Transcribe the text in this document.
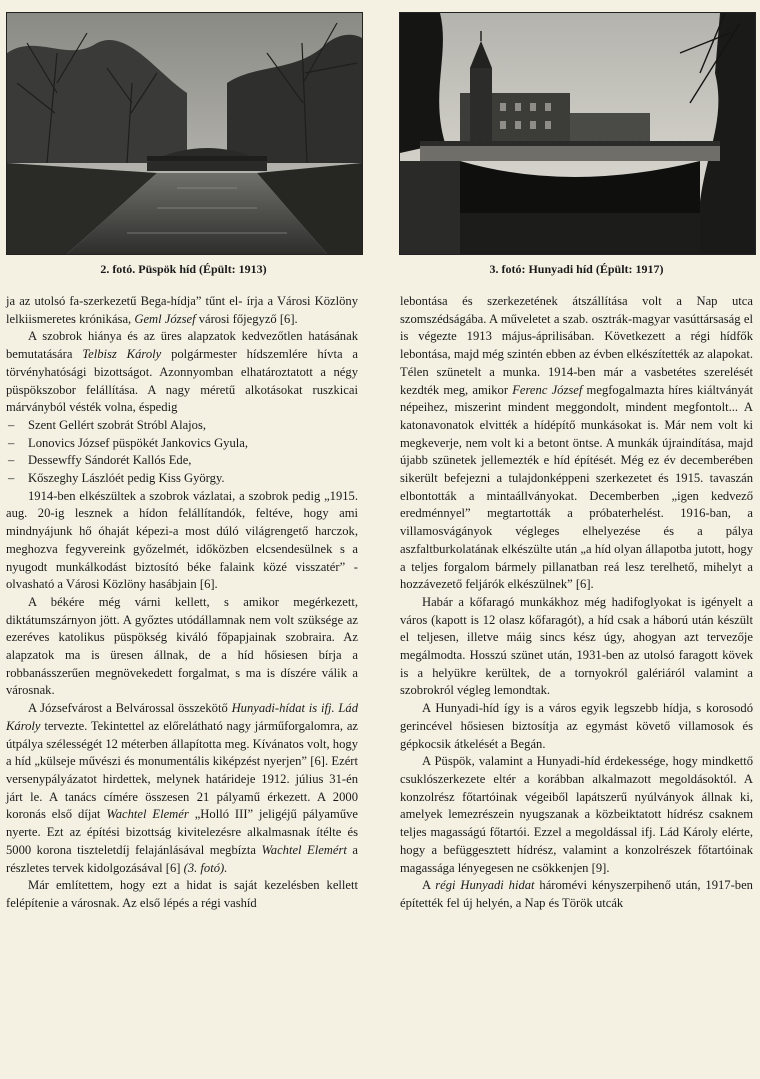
2. fotó. Püspök híd (Épült: 1913)	3. fotó: Hunyadi híd (Épült: 1917)

ja az utolsó fa-szerkezetű Bega-hídja” tűnt el- írja a Városi Közlöny lelkiismeretes krónikása, Geml József városi főjegyző [6].

A szobrok hiánya és az üres alapzatok kedvezőtlen hatásának bemutatására Telbisz Károly polgármester hídszemlére hívta a törvényhatósági bizottságot. Azonnyomban elhatároztatott a négy püspökszobor felállítása. A nagy méretű alkotásokat ruszkicai márványból vésték volna, éspedig

– Szent Gellért szobrát Stróbl Alajos,
– Lonovics József püspökét Jankovics Gyula,
– Dessewffy Sándorét Kallós Ede,
– Kőszeghy Lászlóét pedig Kiss György.

1914-ben elkészültek a szobrok vázlatai, a szobrok pedig „1915. aug. 20-ig lesznek a hídon felállítandók, feltéve, hogy ami mindnyájunk hő óhaját képezi-a most dúló világrengető harczok, meghozva fegyvereink győzelmét, időközben elcsendesülnek s a nyugodt munkálkodást biztosító béke falaink közé visszatér” -olvasható a Városi Közlöny hasábjain [6].

A békére még várni kellett, s amikor megérkezett, diktátumszárnyon jött. A győztes utódállamnak nem volt szüksége az ezeréves katolikus püspökség kiváló főpapjainak szobraira. Az alapzatok ma is üresen állnak, de a híd hősiesen bírja a robbanásszerűen megnövekedett forgalmat, s ma is díszére válik a városnak.

A Józsefvárost a Belvárossal összekötő Hunyadi-hídat is ifj. Lád Károly tervezte. Tekintettel az előrelátható nagy járműforgalomra, az útpálya szélességét 12 méterben állapította meg. Kívánatos volt, hogy a híd „külseje művészi és monumentális kiképzést nyerjen” [6]. Ezért versenypályázatot hirdettek, melynek határideje 1912. július 31-én járt le. A tanács címére összesen 21 pályamű érkezett. A 2000 koronás első díjat Wachtel Elemér „Holló III” jeligéjű pályaműve nyerte. Ezt az építési bizottság kivitelezésre alkalmasnak ítélte és 5000 korona tiszteletdíj felajánlásával megbízta Wachtel Elemért a részletes tervek kidolgozásával [6] (3. fotó).

Már említettem, hogy ezt a hidat is saját kezelésben kellett felépítenie a városnak. Az első lépés a régi vashíd

lebontása és szerkezetének átszállítása volt a Nap utca szomszédságába. A műveletet a szab. osztrák-magyar vasúttársaság el is végezte 1913 május-áprilisában. Következett a régi hídfők lebontása, majd még szintén ebben az évben elkészítették az alapokat. Télen szünetelt a munka. 1914-ben már a vasbetétes szerelését kezdték meg, amikor Ferenc József megfogalmazta híres kiáltványát népeihez, miszerint mindent meggondolt, mindent megfontolt... A katonavonatok elvitték a hídépítő munkásokat is. Már nem volt ki megkeverje, nem volt ki a betont öntse. A munkák újraindítása, majd újabb szünetek jellemezték e híd építését. Még ez év decemberében sikerült befejezni a tulajdonképpeni szerkezetet és 1915. tavaszán elbontották a mintaállványokat. Decemberben „igen kedvező eredménnyel” megtartották a próbaterhelést. 1916-ban, a villamosvágányok végleges elhelyezése és a pálya aszfaltburkolatának elkészülte után „a híd olyan állapotba jutott, hogy a teljes forgalom bármely pillanatban reá lesz terelhető, mihelyt a hozzávezető feljárók elkészülnek” [6].

Habár a kőfaragó munkákhoz még hadifoglyokat is igényelt a város (kapott is 12 olasz kőfaragót), a híd csak a háború után készült el teljesen, illetve máig sincs kész úgy, ahogyan azt tervezője megálmodta. Hosszú szünet után, 1931-ben az utolsó faragott kövek is a helyükre kerültek, de a tornyokról galériáról valamint a szobrokról végleg lemondtak.

A Hunyadi-híd így is a város egyik legszebb hídja, s korosodó gerincével hősiesen biztosítja az egymást követő villamosok és gépkocsik átkelését a Begán.

A Püspök, valamint a Hunyadi-híd érdekessége, hogy mindkettő csuklószerkezete eltér a korábban alkalmazott megoldásoktól. A konzolrész főtartóinak végeiből lapátszerű nyúlványok állnak ki, amelyek lemezrészein nyugszanak a közbeiktatott hídrész csaknem teljes magasságú főtartói. Ezzel a megoldással ifj. Lád Károly elérte, hogy a befüggesztett hídrész, valamint a konzolrészek főtartóinak magassága lényegesen ne csökkenjen [9].

A régi Hunyadi hidat háromévi kényszerpihenő után, 1917-ben építették fel új helyén, a Nap és Török utcák
